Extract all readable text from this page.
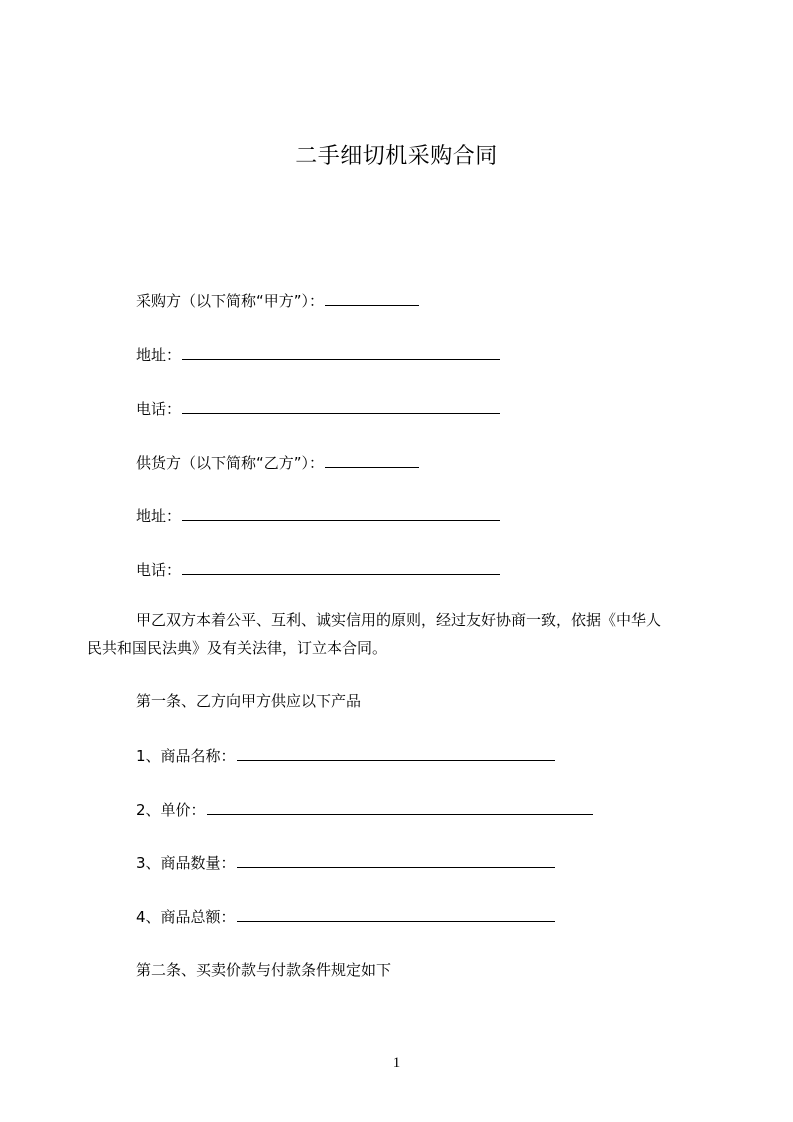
二手细切机采购合同
采购方（以下简称“甲方”）：
地址：
电话：
供货方（以下简称“乙方”）：
地址：
电话：
甲乙双方本着公平、互利、诚实信用的原则，经过友好协商一致，依据《中华人
民共和国民法典》及有关法律，订立本合同。
第一条、乙方向甲方供应以下产品
1、商品名称：
2、单价：
3、商品数量：
4、商品总额：
第二条、买卖价款与付款条件规定如下
1
